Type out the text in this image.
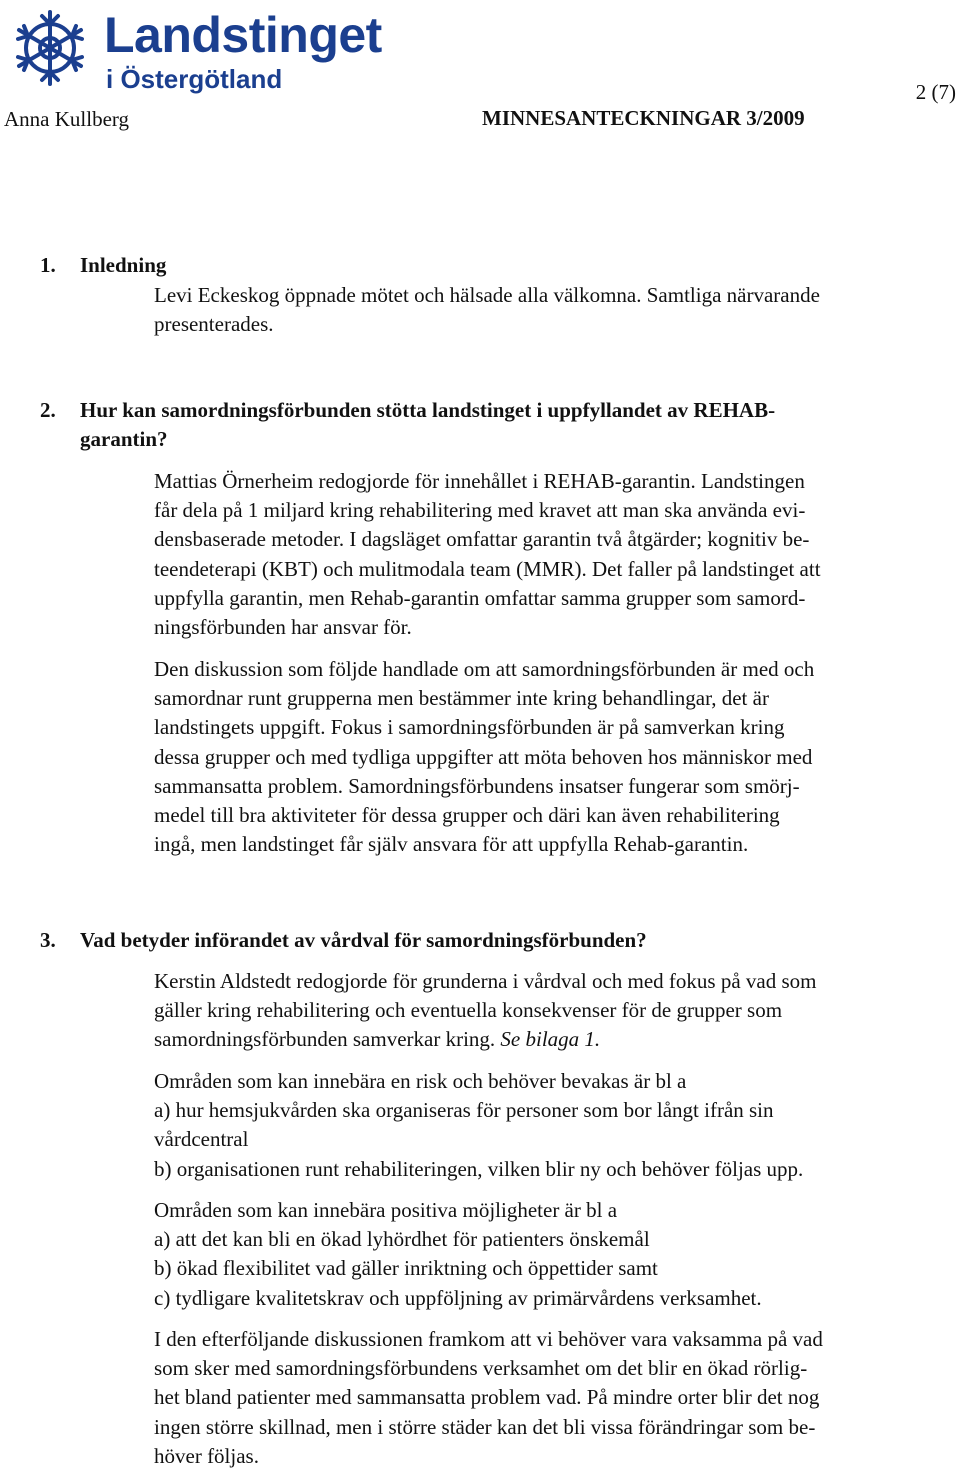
Landstinget
i Östergötland	2 (7)
Anna Kullberg	MINNESANTECKNINGAR 3/2009
1. Inledning

Levi Eckeskog öppnade mötet och hälsade alla välkomna. Samtliga närvarande
presenterades.

2. Hur kan samordningsförbunden stötta landstinget i uppfyllandet av REHAB-
garantin?

Mattias Örnerheim redogjorde för innehållet i REHAB-garantin. Landstingen
får dela på 1 miljard kring rehabilitering med kravet att man ska använda evi-
densbaserade metoder. I dagsläget omfattar garantin två åtgärder; kognitiv be-
teendeterapi (KBT) och mulitmodala team (MMR). Det faller på landstinget att
uppfylla garantin, men Rehab-garantin omfattar samma grupper som samord-
ningsförbunden har ansvar för.

Den diskussion som följde handlade om att samordningsförbunden är med och
samordnar runt grupperna men bestämmer inte kring behandlingar, det är
landstingets uppgift. Fokus i samordningsförbunden är på samverkan kring
dessa grupper och med tydliga uppgifter att möta behoven hos människor med
sammansatta problem. Samordningsförbundens insatser fungerar som smörj-
medel till bra aktiviteter för dessa grupper och däri kan även rehabilitering
ingå, men landstinget får själv ansvara för att uppfylla Rehab-garantin.

3. Vad betyder införandet av vårdval för samordningsförbunden?

Kerstin Aldstedt redogjorde för grunderna i vårdval och med fokus på vad som
gäller kring rehabilitering och eventuella konsekvenser för de grupper som
samordningsförbunden samverkar kring. Se bilaga 1.

Områden som kan innebära en risk och behöver bevakas är bl a
a) hur hemsjukvården ska organiseras för personer som bor långt ifrån sin
vårdcentral
b) organisationen runt rehabiliteringen, vilken blir ny och behöver följas upp.

Områden som kan innebära positiva möjligheter är bl a
a) att det kan bli en ökad lyhördhet för patienters önskemål
b) ökad flexibilitet vad gäller inriktning och öppettider samt
c) tydligare kvalitetskrav och uppföljning av primärvårdens verksamhet.

I den efterföljande diskussionen framkom att vi behöver vara vaksamma på vad
som sker med samordningsförbundens verksamhet om det blir en ökad rörlig-
het bland patienter med sammansatta problem vad. På mindre orter blir det nog
ingen större skillnad, men i större städer kan det bli vissa förändringar som be-
höver följas.
